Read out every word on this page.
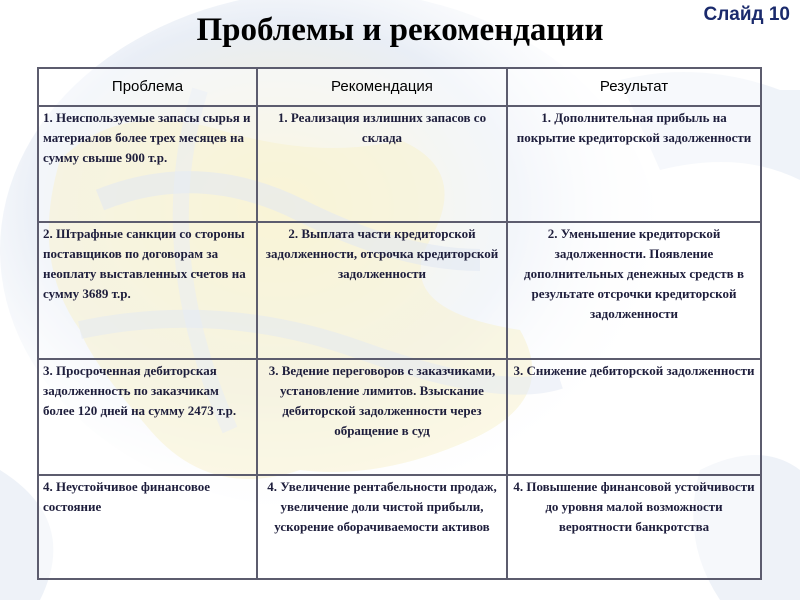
Слайд 10
Проблемы и рекомендации
Проблема	Рекомендация	Результат

1. Неиспользуемые запасы сырья и материалов более трех месяцев на сумму свыше 900 т.р.	1. Реализация излишних запасов со склада	1. Дополнительная прибыль на покрытие кредиторской задолженности

2. Штрафные санкции со стороны поставщиков по договорам за неоплату выставленных счетов на сумму 3689 т.р.	2. Выплата части кредиторской задолженности, отсрочка кредиторской задолженности	2. Уменьшение кредиторской задолженности. Появление дополнительных денежных средств в результате отсрочки кредиторской задолженности

3. Просроченная дебиторская задолженность по заказчикам более 120 дней на сумму 2473 т.р.	3. Ведение переговоров с заказчиками, установление лимитов. Взыскание дебиторской задолженности через обращение в суд	3. Снижение дебиторской задолженности

4. Неустойчивое финансовое состояние	4. Увеличение рентабельности продаж, увеличение доли чистой прибыли, ускорение оборачиваемости активов	4. Повышение финансовой устойчивости до уровня малой возможности вероятности банкротства
